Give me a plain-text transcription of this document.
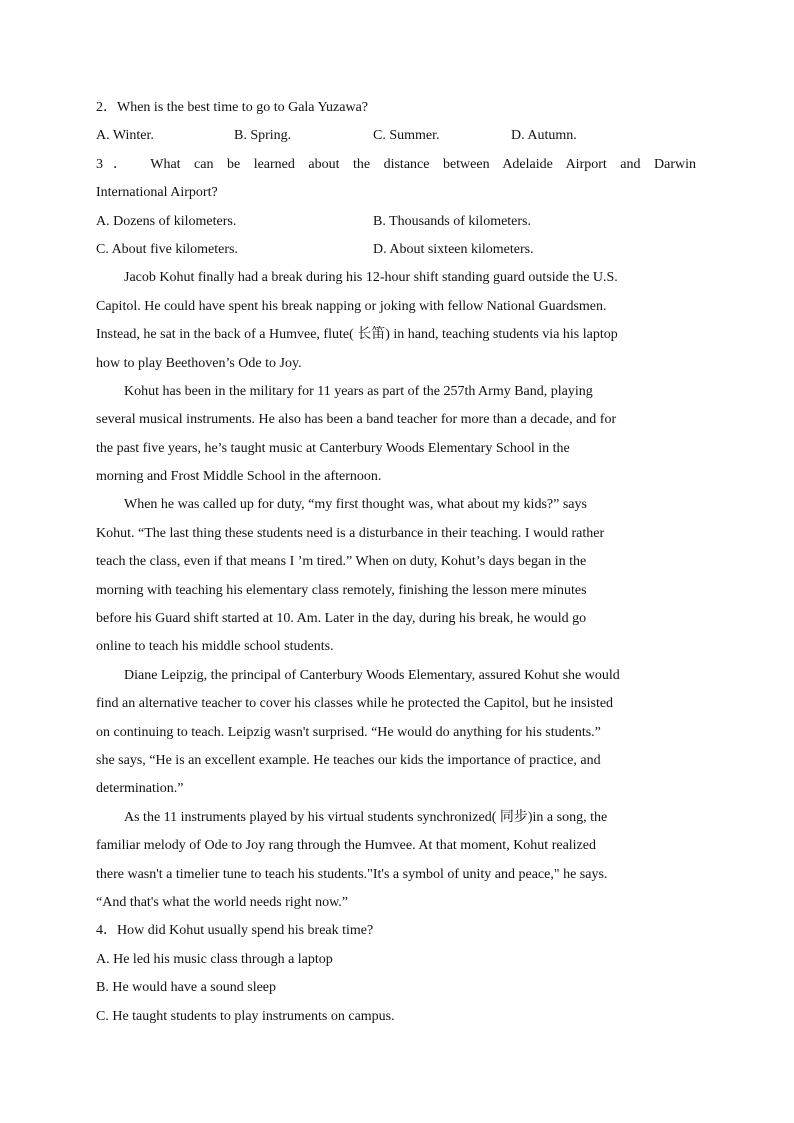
2．When is the best time to go to Gala Yuzawa?
A. Winter.	B. Spring.	C. Summer.	D. Autumn.
3． What can be learned about the distance between Adelaide Airport and Darwin
International Airport?
A. Dozens of kilometers.	B. Thousands of kilometers.
C. About five kilometers.	D. About sixteen kilometers.
Jacob Kohut finally had a break during his 12-hour shift standing guard outside the U.S.
Capitol. He could have spent his break napping or joking with fellow National Guardsmen.
Instead, he sat in the back of a Humvee, flute( 长笛) in hand, teaching students via his laptop
how to play Beethoven’s Ode to Joy.
Kohut has been in the military for 11 years as part of the 257th Army Band, playing
several musical instruments. He also has been a band teacher for more than a decade, and for
the past five years, he’s taught music at Canterbury Woods Elementary School in the
morning and Frost Middle School in the afternoon.
When he was called up for duty, “my first thought was, what about my kids?” says
Kohut. “The last thing these students need is a disturbance in their teaching. I would rather
teach the class, even if that means I ’m tired.” When on duty, Kohut’s days began in the
morning with teaching his elementary class remotely, finishing the lesson mere minutes
before his Guard shift started at 10. Am. Later in the day, during his break, he would go
online to teach his middle school students.
Diane Leipzig, the principal of Canterbury Woods Elementary, assured Kohut she would
find an alternative teacher to cover his classes while he protected the Capitol, but he insisted
on continuing to teach. Leipzig wasn't surprised. “He would do anything for his students.”
she says, “He is an excellent example. He teaches our kids the importance of practice, and
determination.”
As the 11 instruments played by his virtual students synchronized( 同步)in a song, the
familiar melody of Ode to Joy rang through the Humvee. At that moment, Kohut realized
there wasn't a timelier tune to teach his students."It's a symbol of unity and peace," he says.
“And that's what the world needs right now.”
4．How did Kohut usually spend his break time?
A. He led his music class through a laptop
B. He would have a sound sleep
C. He taught students to play instruments on campus.
